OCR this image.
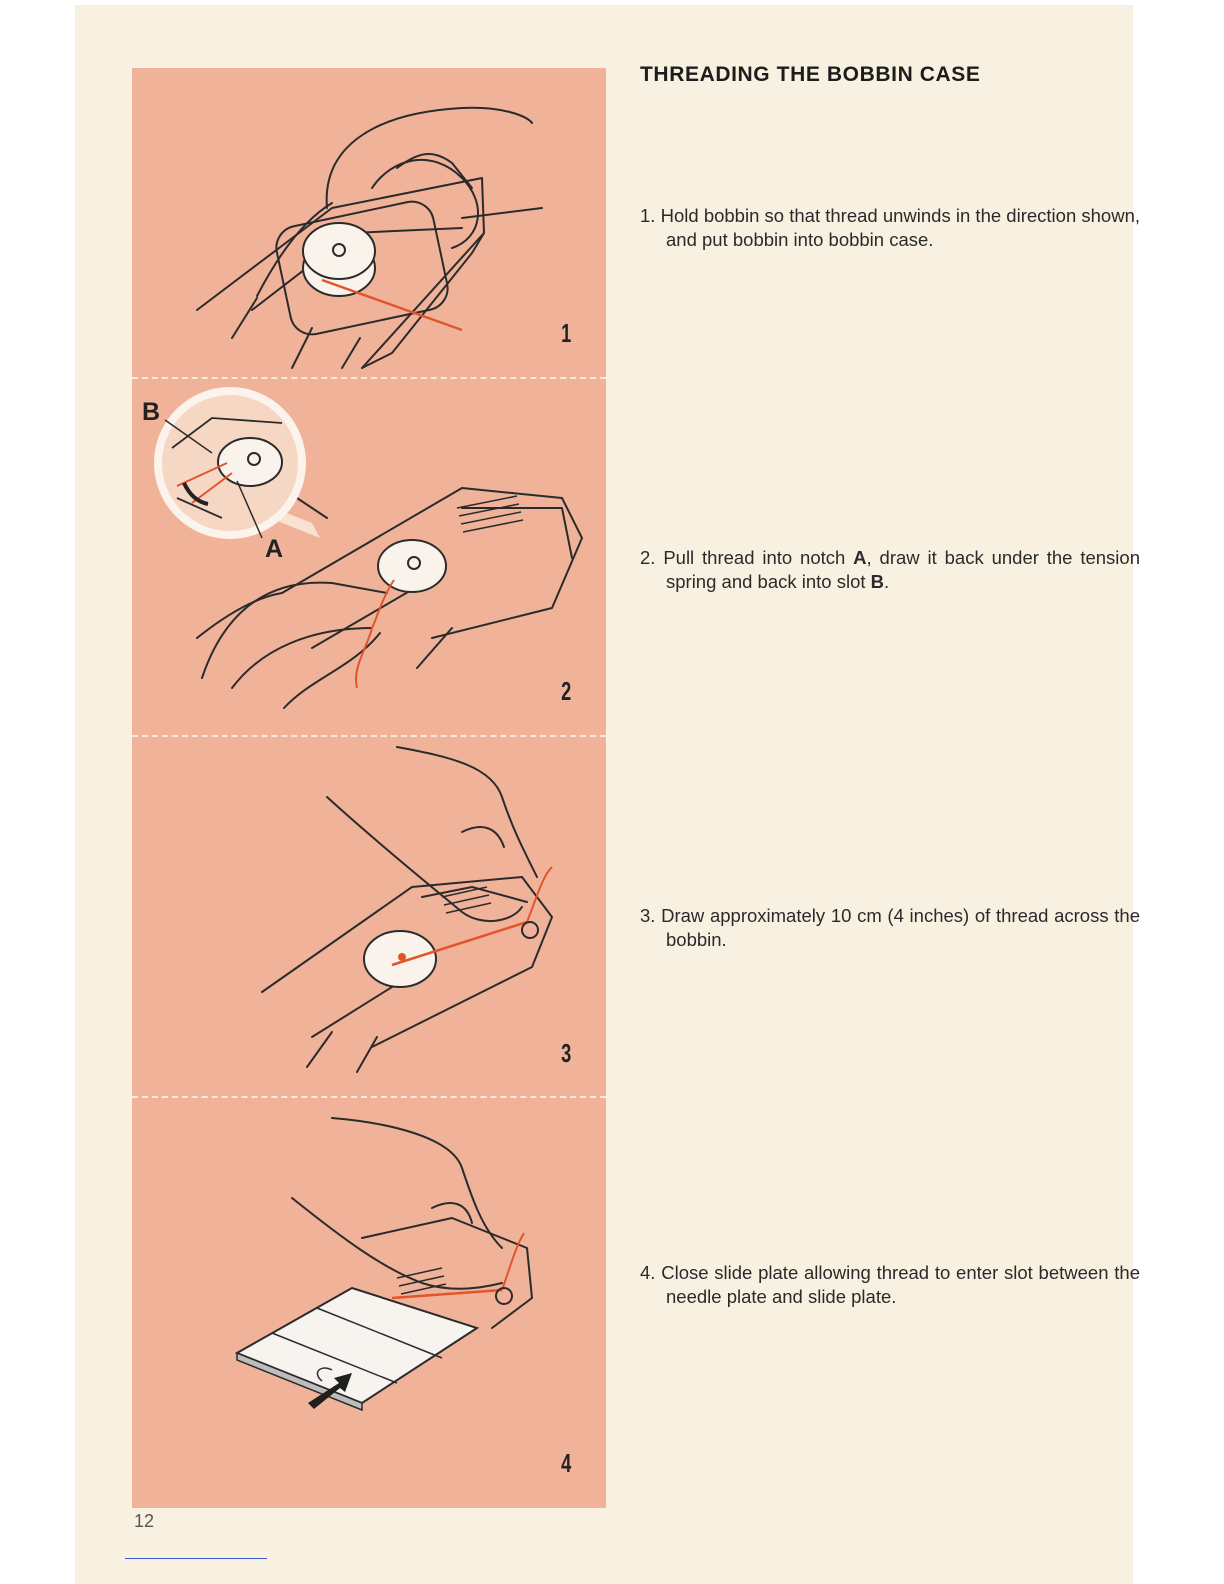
1
2
3
4
B
A
THREADING THE BOBBIN CASE

1. Hold bobbin so that thread unwinds in the direction shown, and put bobbin into bobbin case.

2. Pull thread into notch A, draw it back under the tension spring and back into slot B.

3. Draw approximately 10 cm (4 inches) of thread across the bobbin.

4. Close slide plate allowing thread to enter slot between the needle plate and slide plate.

12
